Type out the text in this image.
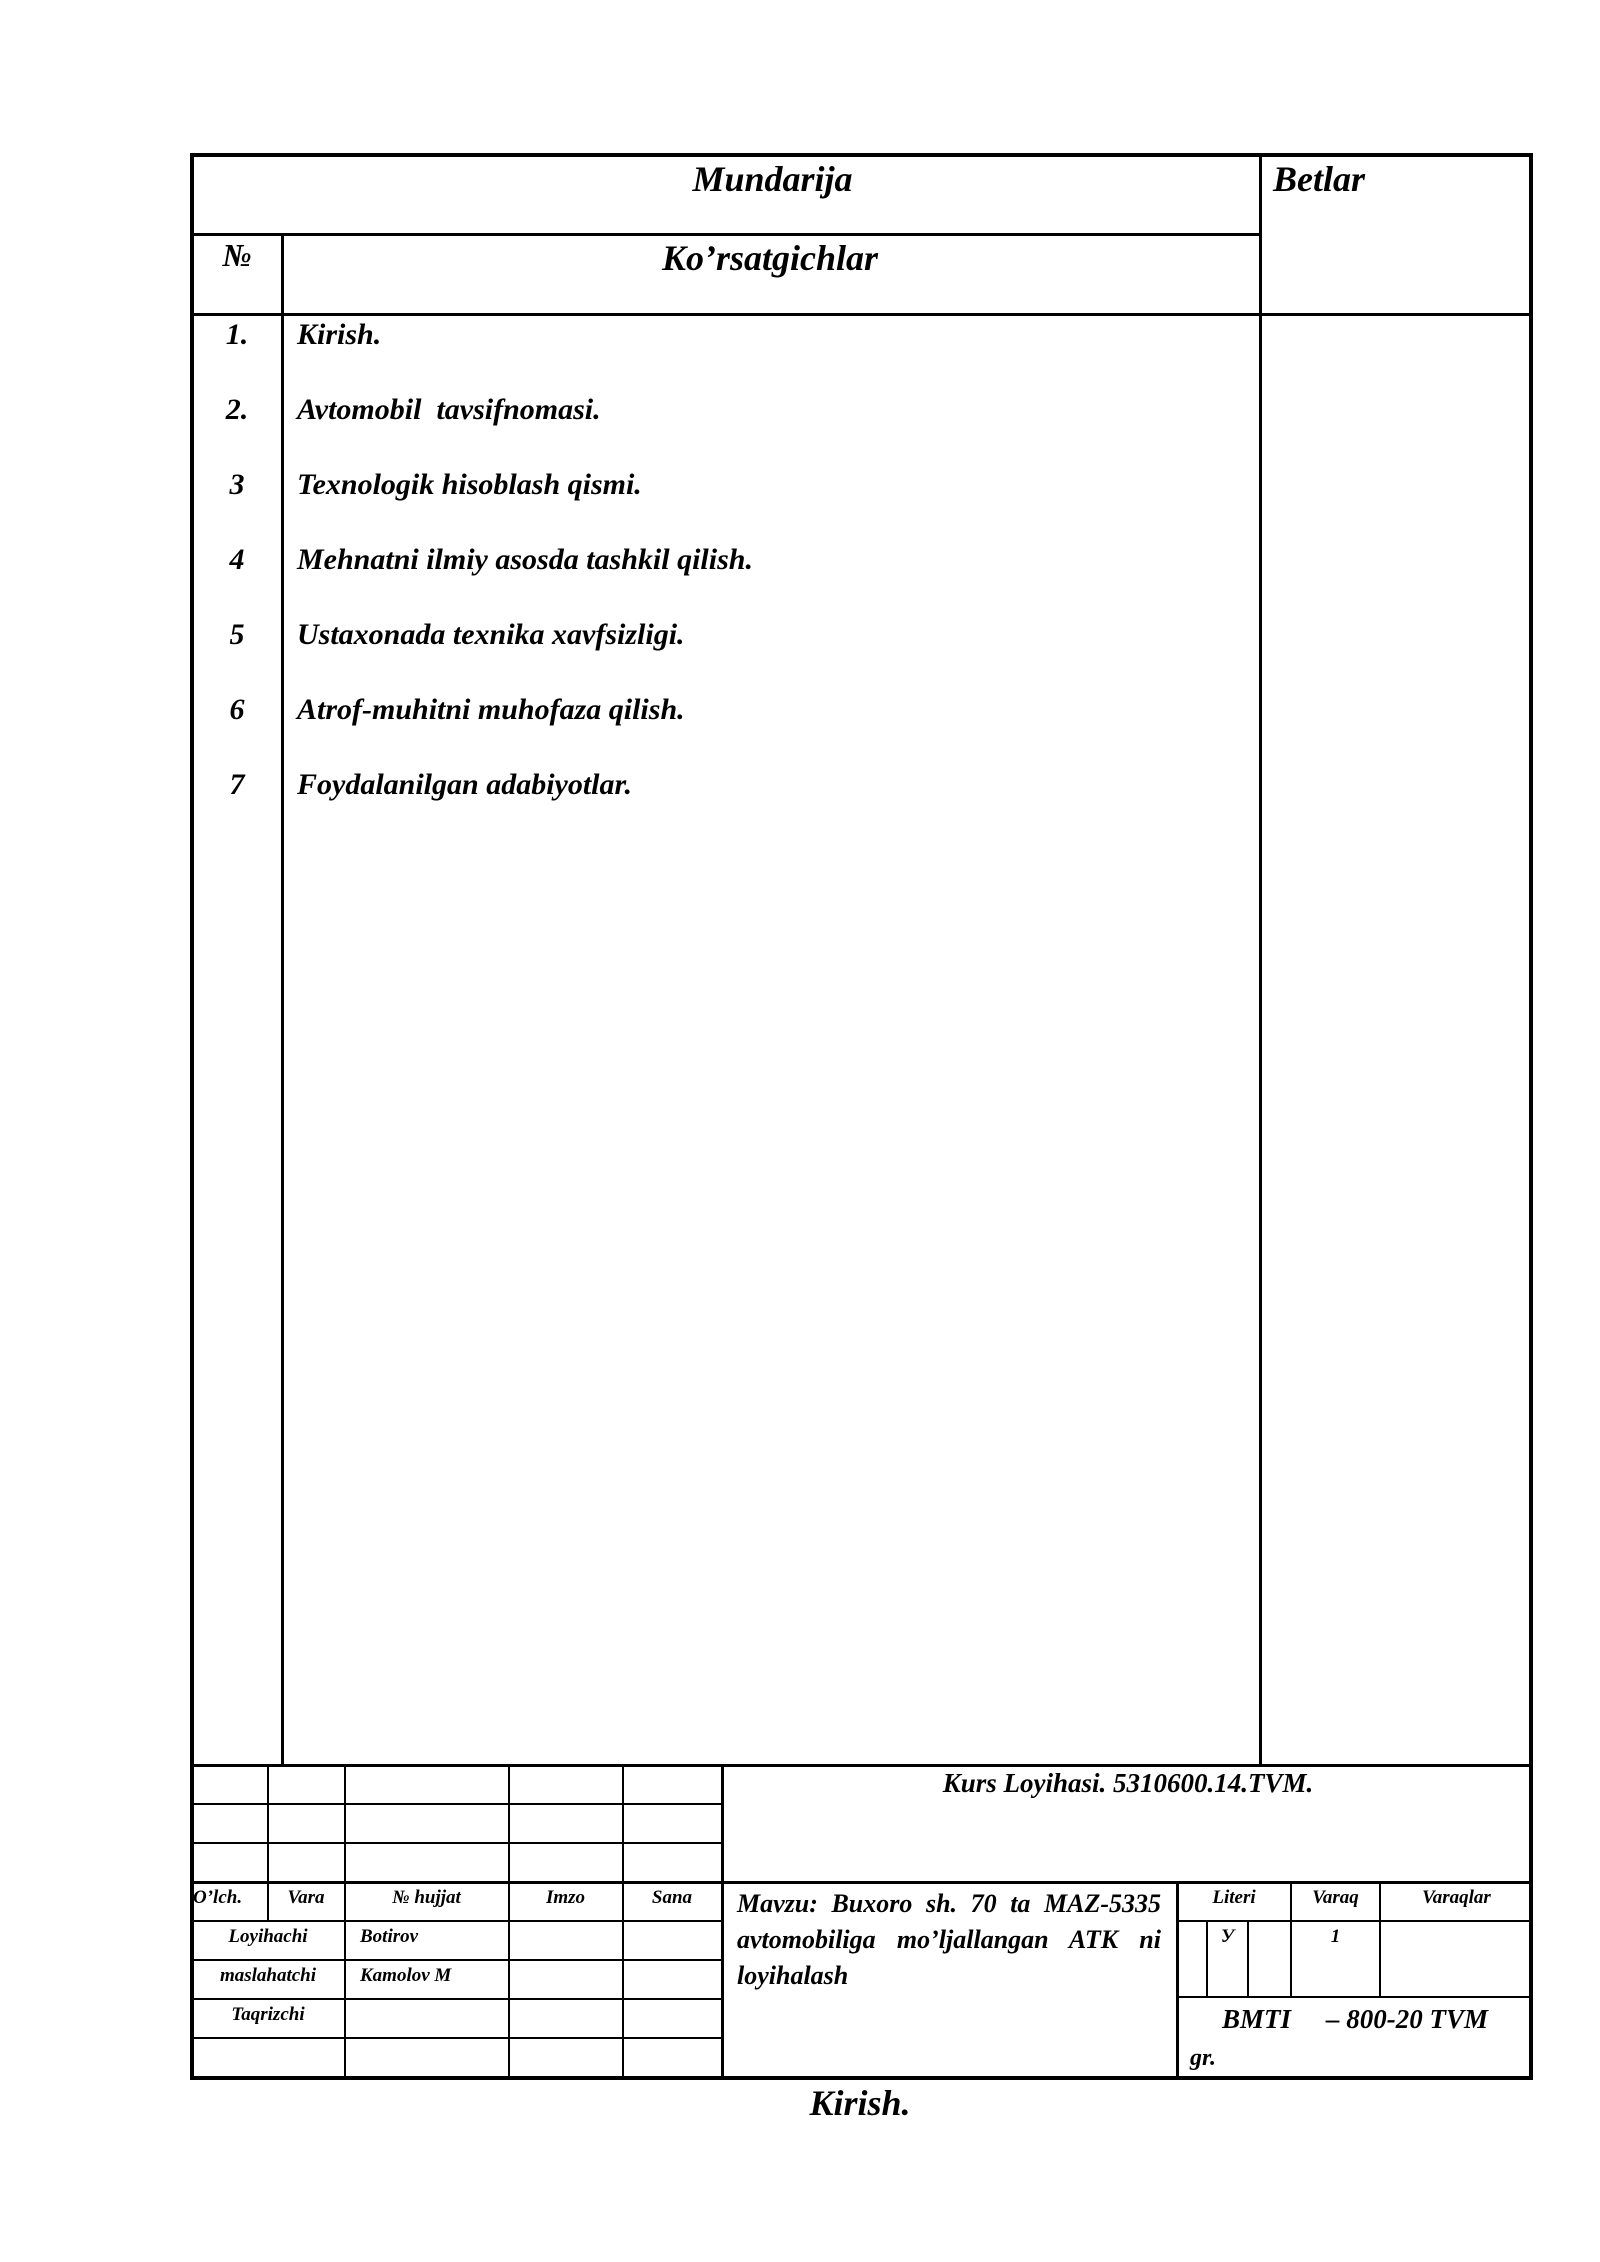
Mundarija	Betlar
№	Ko’rsatgichlar
1.	Kirish.
2.	Avtomobil  tavsifnomasi.
3	Texnologik hisoblash qismi.
4	Mehnatni ilmiy asosda tashkil qilish.
5	Ustaxonada texnika xavfsizligi.
6	Atrof-muhitni muhofaza qilish.
7	Foydalanilgan adabiyotlar.
Kurs Loyihasi. 5310600.14.TVM.
O’lch.	Vara	№ hujjat	Imzo	Sana
Loyihachi	Botirov
maslahatchi	Kamolov M
Taqrizchi
Mavzu: Buxoro sh. 70 ta MAZ-5335 avtomobiliga mo’ljallangan ATK ni loyihalash
Literi	Varaq	Varaqlar
У	1
BMTI – 800-20 TVM
gr.
Kirish.
